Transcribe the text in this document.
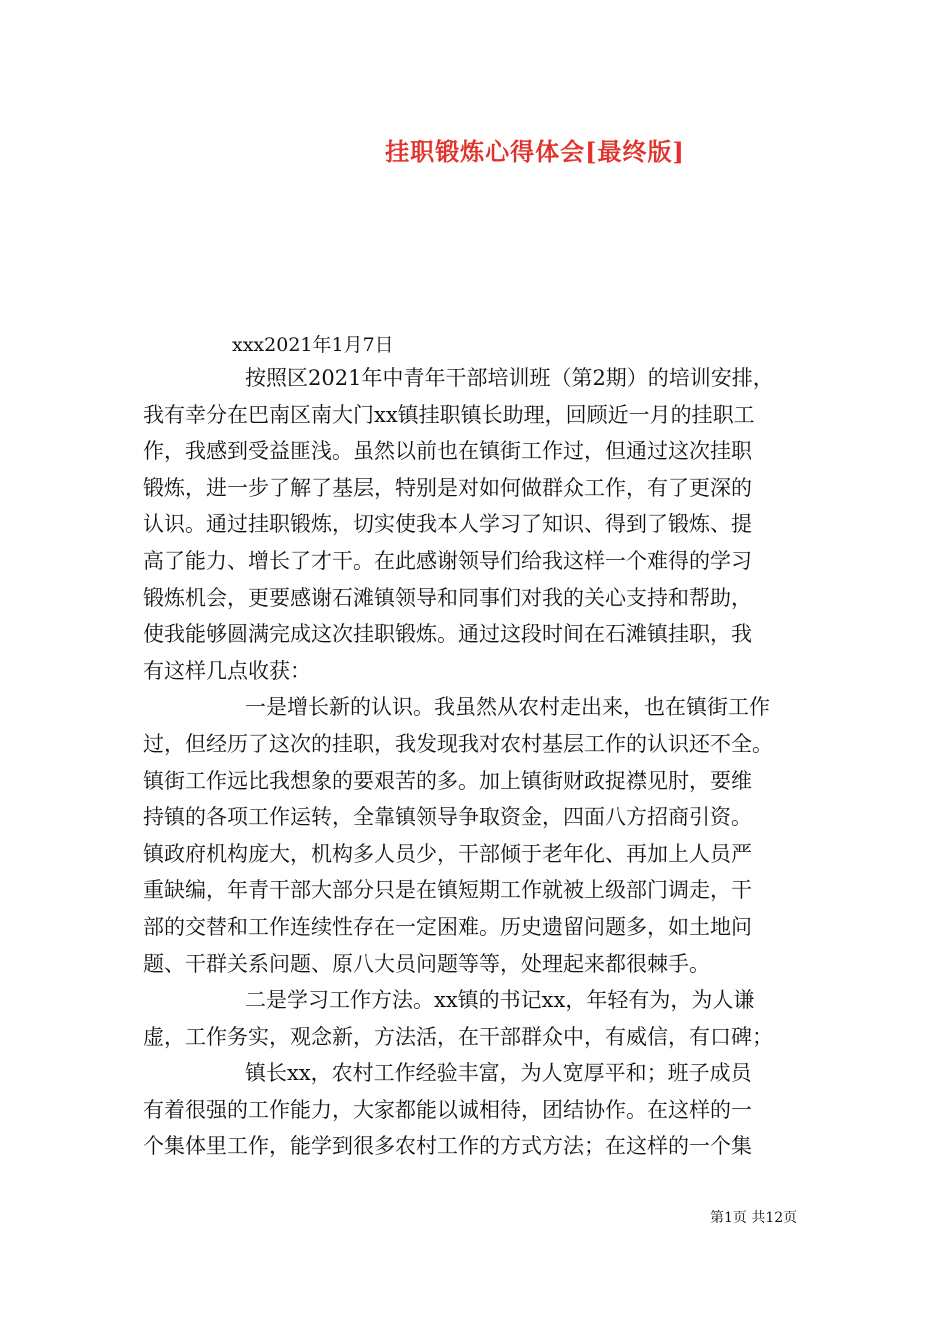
挂职锻炼心得体会[最终版]
xxx2021年1月7日
按照区2021年中青年干部培训班（第2期）的培训安排，
我有幸分在巴南区南大门xx镇挂职镇长助理，回顾近一月的挂职工
作，我感到受益匪浅。虽然以前也在镇街工作过，但通过这次挂职
锻炼，进一步了解了基层，特别是对如何做群众工作，有了更深的
认识。通过挂职锻炼，切实使我本人学习了知识、得到了锻炼、提
高了能力、增长了才干。在此感谢领导们给我这样一个难得的学习
锻炼机会，更要感谢石滩镇领导和同事们对我的关心支持和帮助，
使我能够圆满完成这次挂职锻炼。通过这段时间在石滩镇挂职，我
有这样几点收获：
一是增长新的认识。我虽然从农村走出来，也在镇街工作
过，但经历了这次的挂职，我发现我对农村基层工作的认识还不全。
镇街工作远比我想象的要艰苦的多。加上镇街财政捉襟见肘，要维
持镇的各项工作运转，全靠镇领导争取资金，四面八方招商引资。
镇政府机构庞大，机构多人员少，干部倾于老年化、再加上人员严
重缺编，年青干部大部分只是在镇短期工作就被上级部门调走，干
部的交替和工作连续性存在一定困难。历史遗留问题多，如土地问
题、干群关系问题、原八大员问题等等，处理起来都很棘手。
二是学习工作方法。xx镇的书记xx，年轻有为，为人谦
虚，工作务实，观念新，方法活，在干部群众中，有威信，有口碑；
镇长xx，农村工作经验丰富，为人宽厚平和；班子成员
有着很强的工作能力，大家都能以诚相待，团结协作。在这样的一
个集体里工作，能学到很多农村工作的方式方法；在这样的一个集
第1页 共12页
